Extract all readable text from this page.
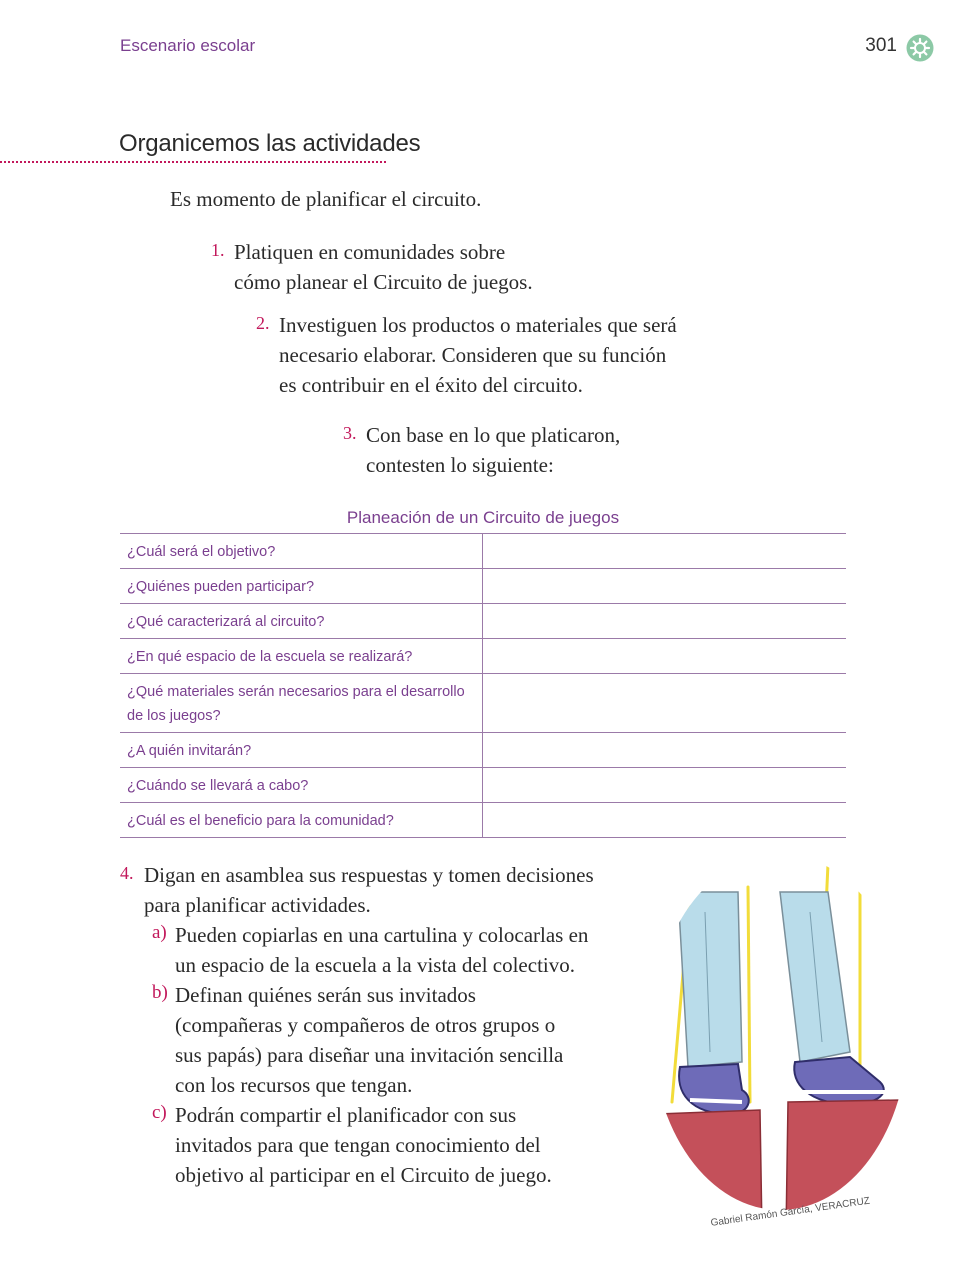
Escenario escolar	301
Organicemos las actividades
Es momento de planificar el circuito.
1. Platiquen en comunidades sobre
cómo planear el Circuito de juegos.
2. Investiguen los productos o materiales que será
necesario elaborar. Consideren que su función
es contribuir en el éxito del circuito.
3. Con base en lo que platicaron,
contesten lo siguiente:
Planeación de un Circuito de juegos
¿Cuál será el objetivo?	
¿Quiénes pueden participar?	
¿Qué caracterizará al circuito?	
¿En qué espacio de la escuela se realizará?	
¿Qué materiales serán necesarios para el desarrollo de los juegos?	
¿A quién invitarán?	
¿Cuándo se llevará a cabo?	
¿Cuál es el beneficio para la comunidad?	
4. Digan en asamblea sus respuestas y tomen decisiones
para planificar actividades.
a) Pueden copiarlas en una cartulina y colocarlas en
un espacio de la escuela a la vista del colectivo.
b) Definan quiénes serán sus invitados
(compañeras y compañeros de otros grupos o
sus papás) para diseñar una invitación sencilla
con los recursos que tengan.
c) Podrán compartir el planificador con sus
invitados para que tengan conocimiento del
objetivo al participar en el Circuito de juego.
Gabriel Ramón García, VERACRUZ
